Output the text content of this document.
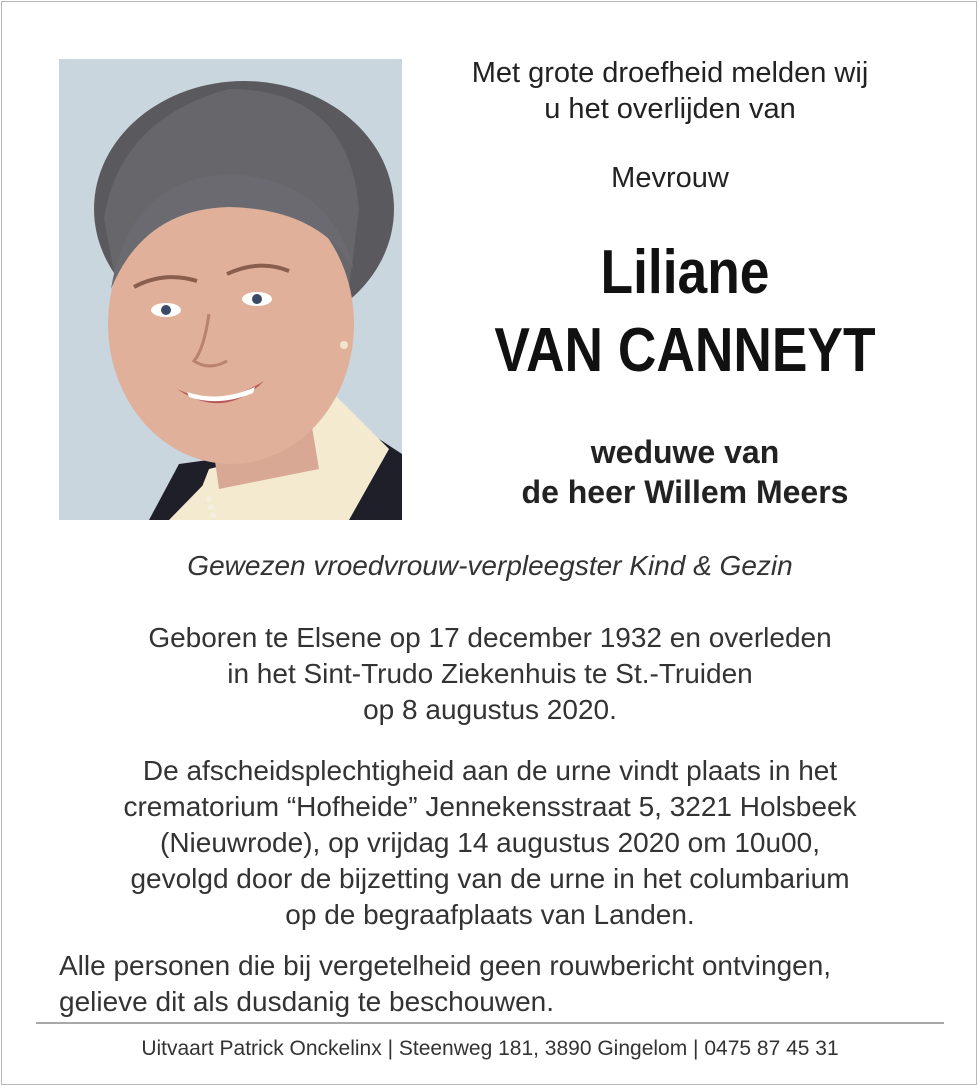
Met grote droefheid melden wij
u het overlijden van
Mevrouw
Liliane
VAN CANNEYT
weduwe van
de heer Willem Meers
Gewezen vroedvrouw-verpleegster Kind & Gezin
Geboren te Elsene op 17 december 1932 en overleden
in het Sint-Trudo Ziekenhuis te St.-Truiden
op 8 augustus 2020.
De afscheidsplechtigheid aan de urne vindt plaats in het
crematorium “Hofheide” Jennekensstraat 5, 3221 Holsbeek
(Nieuwrode), op vrijdag 14 augustus 2020 om 10u00,
gevolgd door de bijzetting van de urne in het columbarium
op de begraafplaats van Landen.
Alle personen die bij vergetelheid geen rouwbericht ontvingen,
gelieve dit als dusdanig te beschouwen.
Uitvaart Patrick Onckelinx | Steenweg 181, 3890 Gingelom | 0475 87 45 31
